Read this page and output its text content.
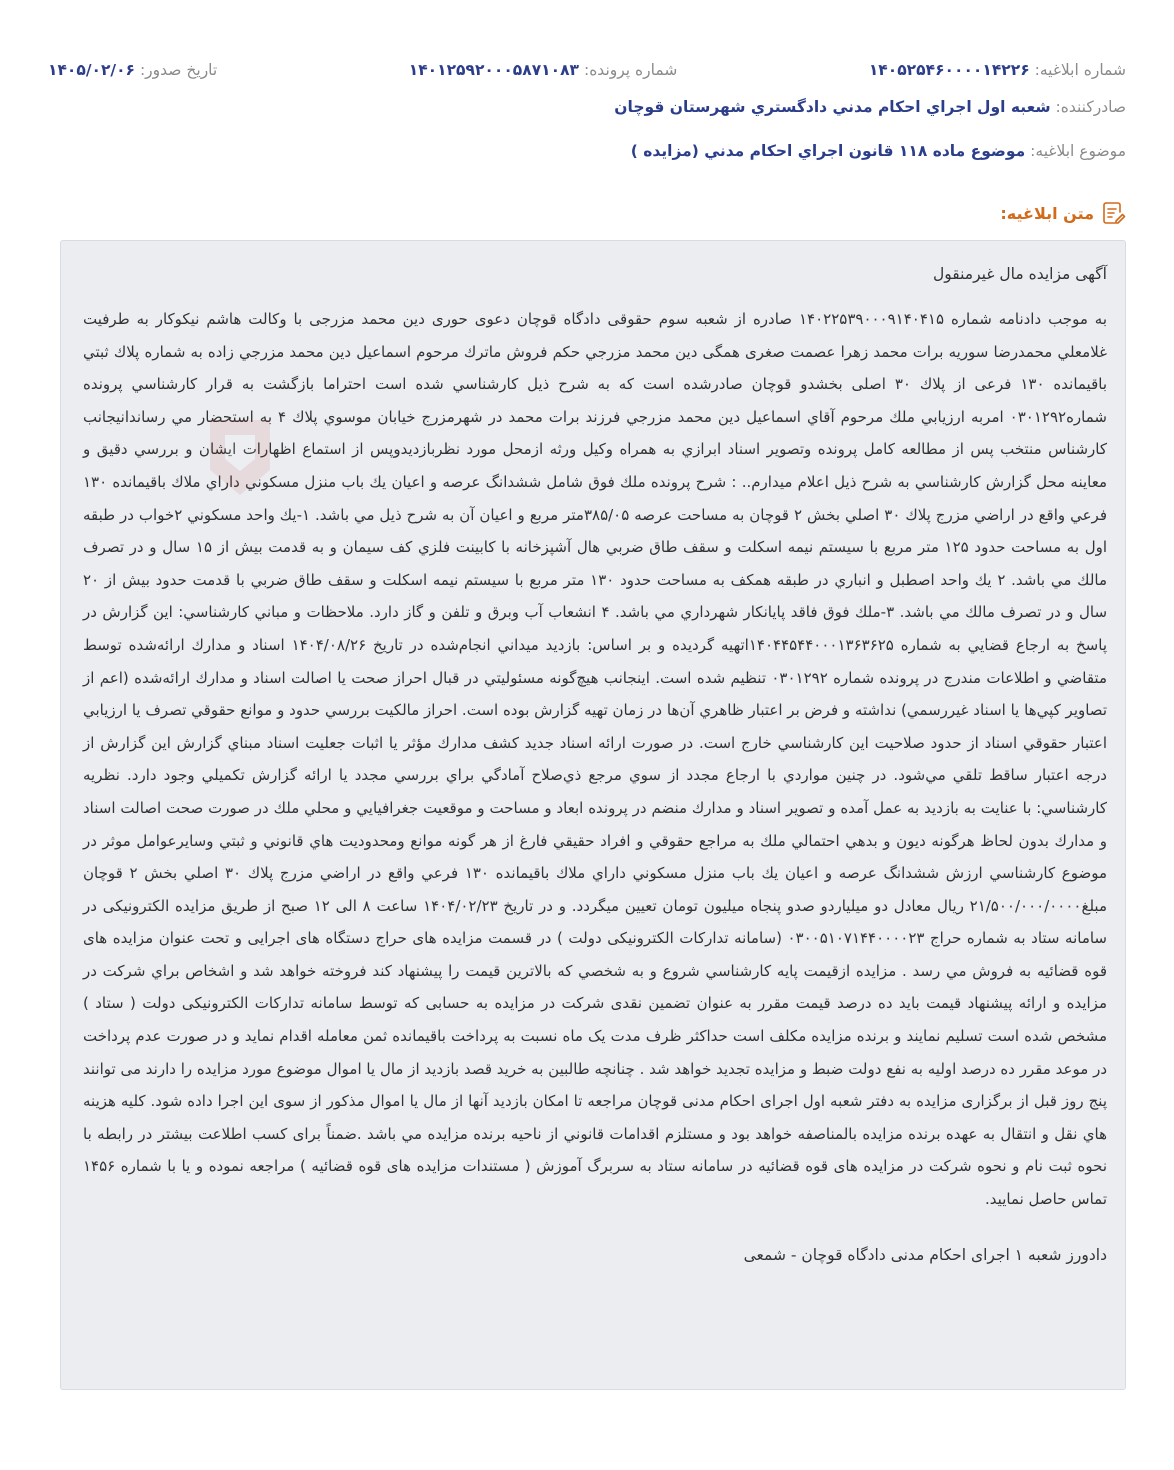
شماره ابلاغیه: ۱۴۰۵۲۵۴۶۰۰۰۰۱۴۲۲۶
شماره پرونده: ۱۴۰۱۲۵۹۲۰۰۰۵۸۷۱۰۸۳
تاریخ صدور: ۱۴۰۵/۰۲/۰۶
صادرکننده: شعبه اول اجراي احكام مدني دادگستري شهرستان قوچان
موضوع ابلاغیه: موضوع ماده ۱۱۸ قانون اجراي احكام مدني (مزايده )
متن ابلاغیه:
آگهی مزایده مال غیرمنقول

به موجب دادنامه شماره ۱۴۰۲۲۵۳۹۰۰۰۹۱۴۰۴۱۵ صادره از شعبه سوم حقوقی دادگاه قوچان دعوی حوری دين محمد مزرجی با وكالت هاشم نيكوكار به طرفيت غلامعلي محمدرضا سوريه برات محمد زهرا عصمت صغری همگی دين محمد مزرجي حكم فروش ماترك مرحوم اسماعيل دين محمد مزرجي زاده به شماره پلاك ثبتي باقيمانده ۱۳۰ فرعی از پلاك ۳۰ اصلی بخشدو قوچان صادرشده است كه به شرح ذيل كارشناسي شده است احتراما بازگشت به قرار كارشناسي پرونده شماره۰۳۰۱۲۹۲ امربه ارزيابي ملك مرحوم آقاي اسماعيل دين محمد مزرجي فرزند برات محمد در شهرمزرج خيابان موسوي پلاك ۴ به استحضار مي رساندانيجانب كارشناس منتخب پس از مطالعه كامل پرونده وتصوير اسناد ابرازي به همراه وكيل ورثه ازمحل مورد نظربازديدوپس از استماع اظهارات ايشان و بررسي دقيق و معاينه محل گزارش كارشناسي به شرح ذيل اعلام ميدارم.. : شرح پرونده ملك فوق شامل ششدانگ عرصه و اعيان يك باب منزل مسكوني داراي ملاك باقيمانده ۱۳۰ فرعي واقع در اراضي مزرج پلاك ۳۰ اصلي بخش ۲ قوچان به مساحت عرصه ۳۸۵/۰۵متر مربع و اعيان آن به شرح ذيل مي باشد. ۱-يك واحد مسكوني ۲خواب در طبقه اول به مساحت حدود ۱۲۵ متر مربع با سيستم نيمه اسكلت و سقف طاق ضربي هال آشپزخانه با كابينت فلزي كف سيمان و به قدمت بيش از ۱۵ سال و در تصرف مالك مي باشد. ۲ يك واحد اصطبل و انباري در طبقه همكف به مساحت حدود ۱۳۰ متر مربع با سيستم نيمه اسكلت و سقف طاق ضربي با قدمت حدود بيش از ۲۰ سال و در تصرف مالك مي باشد. ۳-ملك فوق فاقد پايانكار شهرداري مي باشد. ۴ انشعاب آب وبرق و تلفن و گاز دارد. ملاحظات و مباني كارشناسي: اين گزارش در پاسخ به ارجاع قضايي به شماره ۱۴۰۴۴۵۴۴۰۰۰۱۳۶۳۶۲۵اتهيه گرديده و بر اساس: بازديد ميداني انجام‌شده در تاريخ ۱۴۰۴/۰۸/۲۶ اسناد و مدارك ارائه‌شده توسط متقاضي و اطلاعات مندرج در پرونده شماره ۰۳۰۱۲۹۲ تنظيم شده است. اينجانب هيچ‌گونه مسئوليتي در قبال احراز صحت يا اصالت اسناد و مدارك ارائه‌شده (اعم از تصاوير كپي‌ها يا اسناد غيررسمي) نداشته و فرض بر اعتبار ظاهري آن‌ها در زمان تهيه گزارش بوده است. احراز مالكيت بررسي حدود و موانع حقوقي تصرف يا ارزيابي اعتبار حقوقي اسناد از حدود صلاحيت اين كارشناسي خارج است. در صورت ارائه اسناد جديد كشف مدارك مؤثر يا اثبات جعليت اسناد مبناي گزارش اين گزارش از درجه اعتبار ساقط تلقي مي‌شود. در چنين مواردي با ارجاع مجدد از سوي مرجع ذي‌صلاح آمادگي براي بررسي مجدد يا ارائه گزارش تكميلي وجود دارد. نظريه كارشناسي: با عنايت به بازديد به عمل آمده و تصوير اسناد و مدارك منضم در پرونده ابعاد و مساحت و موقعيت جغرافيايي و محلي ملك در صورت صحت اصالت اسناد و مدارك بدون لحاظ هرگونه ديون و بدهي احتمالي ملك به مراجع حقوقي و افراد حقيقي فارغ از هر گونه موانع ومحدوديت هاي قانوني و ثبتي وسايرعوامل موثر در موضوع كارشناسي ارزش ششدانگ عرصه و اعيان يك باب منزل مسكوني داراي ملاك باقيمانده ۱۳۰ فرعي واقع در اراضي مزرج پلاك ۳۰ اصلي بخش ۲ قوچان مبلغ۲۱/۵۰۰/۰۰۰/۰۰۰۰ ريال معادل دو ميلياردو صدو پنجاه ميليون تومان تعيين ميگردد. و در تاریخ ۱۴۰۴/۰۲/۲۳ ساعت ۸ الی ۱۲ صبح از طریق مزایده الکترونیکی در سامانه ستاد به شماره حراج ۰۳۰۰۵۱۰۷۱۴۴۰۰۰۰۲۳ (سامانه تدارکات الکترونیکی دولت ) در قسمت مزایده های حراج دستگاه های اجرایی و تحت عنوان مزایده های قوه قضائیه به فروش مي رسد . مزايده ازقيمت پايه كارشناسي شروع و به شخصي كه بالاترين قيمت را پيشنهاد كند فروخته خواهد شد و اشخاص براي شركت در مزايده و ارائه پیشنهاد قیمت باید ده درصد قیمت مقرر به عنوان تضمین نقدی شرکت در مزایده به حسابی که توسط سامانه تدارکات الکترونیکی دولت ( ستاد ) مشخص شده است تسلیم نمایند و برنده مزایده مکلف است حداکثر ظرف مدت یک ماه نسبت به پرداخت باقیمانده ثمن معامله اقدام نماید و در صورت عدم پرداخت در موعد مقرر ده درصد اولیه به نفع دولت ضبط و مزایده تجدید خواهد شد . چنانچه طالبين به خريد قصد بازدید از مال یا اموال موضوع مورد مزایده را دارند می توانند پنج روز قبل از برگزاری مزایده به دفتر شعبه اول اجرای احکام مدنی قوچان مراجعه تا امکان بازدید آنها از مال یا اموال مذکور از سوی این اجرا داده شود. كليه هزينه هاي نقل و انتقال به عهده برنده مزايده بالمناصفه خواهد بود و مستلزم اقدامات قانوني از ناحيه برنده مزايده مي باشد .ضمناً برای کسب اطلاعت بیشتر در رابطه با نحوه ثبت نام و نحوه شرکت در مزایده های قوه قضائیه در سامانه ستاد به سربرگ آموزش ( مستندات مزایده های قوه قضائیه ) مراجعه نموده و یا با شماره ۱۴۵۶ تماس حاصل نمایید.

دادورز شعبه ۱ اجرای احکام مدنی دادگاه قوچان - شمعی
